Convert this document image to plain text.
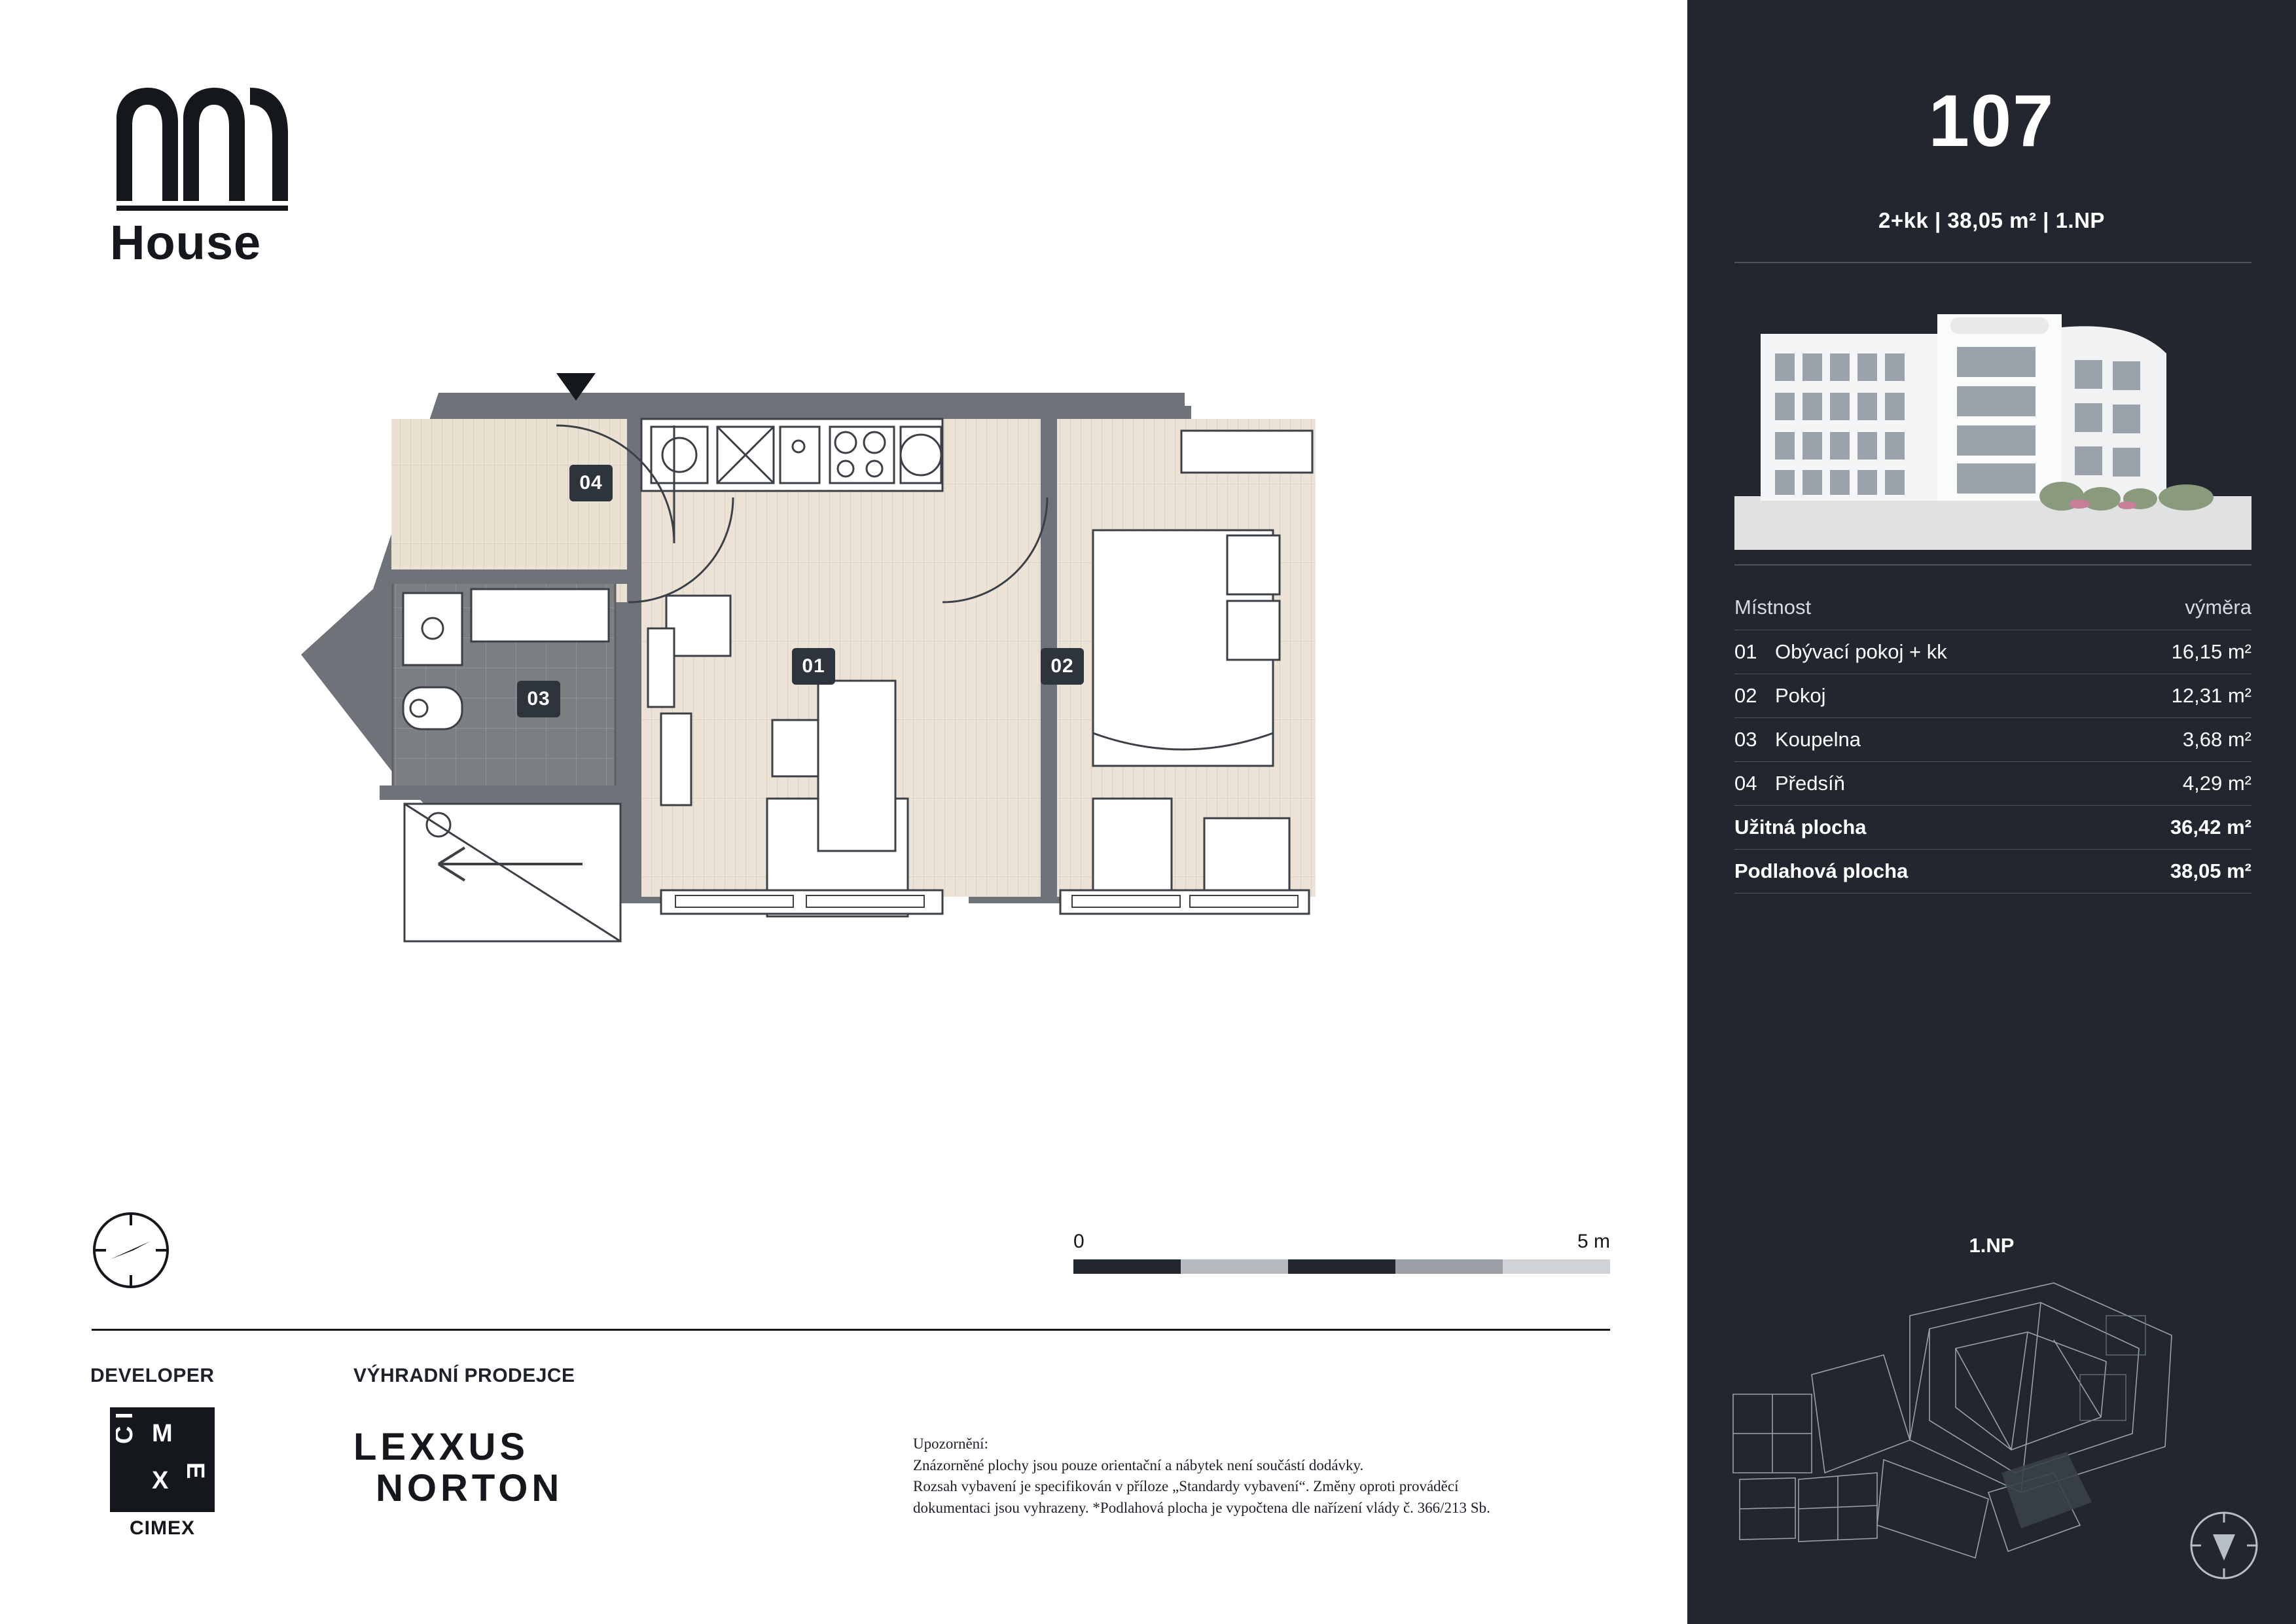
House
04
03
01	02
0	5 m
DEVELOPER	VÝHRADNÍ PRODEJCE
C I M
E
X
CIMEX
LEXXUS
NORTON
Upozornění:
Znázorněné plochy jsou pouze orientační a nábytek není součástí dodávky.
Rozsah vybavení je specifikován v příloze „Standardy vybavení“. Změny oproti prováděcí
dokumentaci jsou vyhrazeny. *Podlahová plocha je vypočtena dle nařízení vlády č. 366/213 Sb.
107
2+kk | 38,05 m² | 1.NP
Místnost		výměra
01	Obývací pokoj + kk	16,15 m²
02	Pokoj	12,31 m²
03	Koupelna	3,68 m²
04	Předsíň	4,29 m²
Užitná plocha		36,42 m²
Podlahová plocha		38,05 m²
1.NP
